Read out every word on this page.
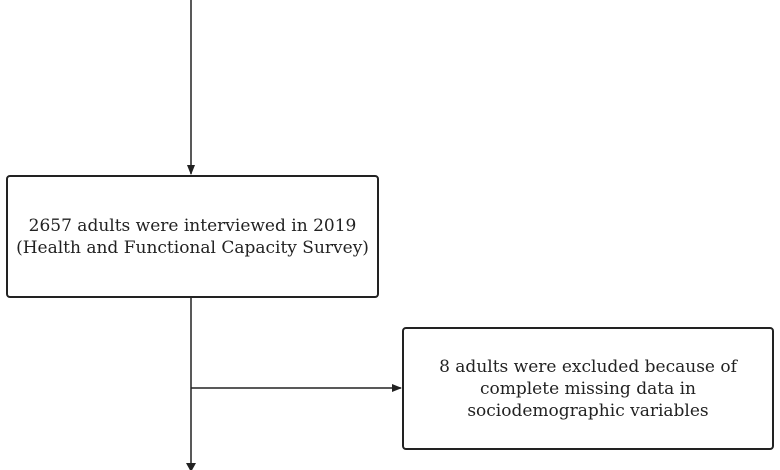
2657 adults were interviewed in 2019
(Health and Functional Capacity Survey)
8 adults were excluded because of
complete missing data in
sociodemographic variables
